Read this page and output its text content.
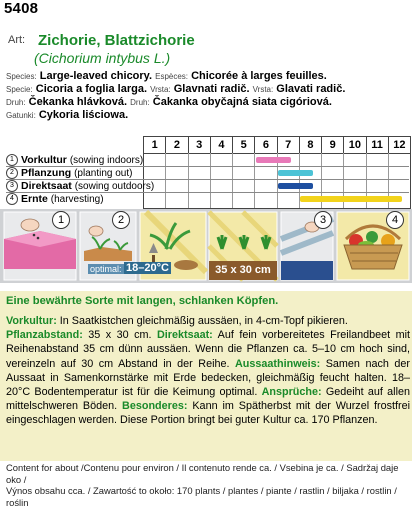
5408
Art: Zichorie, Blattzichorie
(Cichorium intybus L.)
Species: Large-leaved chicory. Espèces: Chicorée à larges feuilles.
Specie: Cicoria a foglia larga. Vrsta: Glavnati radič. Vrsta: Glavati radič.
Druh: Čekanka hlávková. Druh: Čakanka obyčajná siata cigóriová.
Gatunki: Cykoria liściowa.
1	2	3	4	5	6	7	8	9	10 11 12
1 Vorkultur (sowing indoors)
2 Pflanzung (planting out)
3 Direktsaat (sowing outdoors)
4 Ernte (harvesting)
1	2	3	4
optimal: 18–20°C	35 x 30 cm
Eine bewährte Sorte mit langen, schlanken Köpfen.
Vorkultur: In Saatkistchen gleichmäßig aussäen, in 4-cm-Topf pikieren.
Pflanzabstand: 35 x 30 cm. Direktsaat: Auf fein vorbereitetes Freilandbeet mit Reihenabstand 35 cm dünn aussäen. Wenn die Pflanzen ca. 5–10 cm hoch sind, vereinzeln auf 30 cm Abstand in der Reihe. Aussaathinweis: Samen nach der Aussaat in Samenkornstärke mit Erde bedecken, gleichmäßig feucht halten. 18–20°C Bodentemperatur ist für die Keimung optimal. Ansprüche: Gedeiht auf allen mittelschweren Böden. Besonderes: Kann im Spätherbst mit der Wurzel frostfrei eingeschlagen werden. Diese Portion bringt bei guter Kultur ca. 170 Pflanzen.
Content for about /Contenu pour environ / Il contenuto rende ca. / Vsebina je ca. / Sadržaj daje oko /
Výnos obsahu cca. / Zawartość to około: 170 plants / plantes / piante / rastlin / biljaka / rostlin / roślin
